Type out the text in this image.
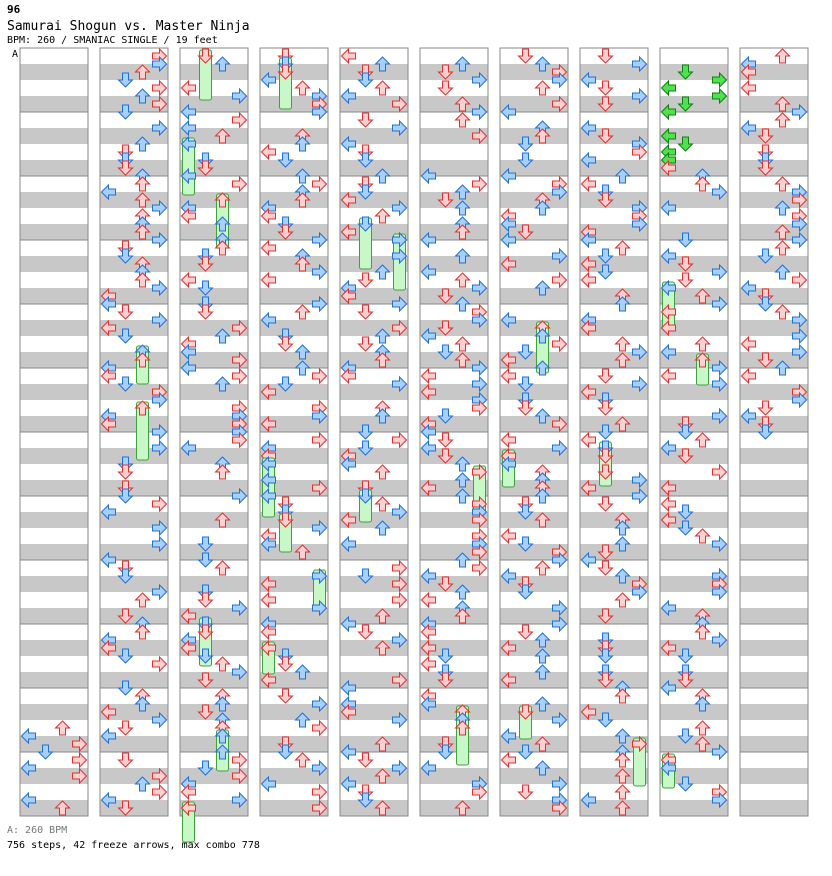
96
Samurai Shogun vs. Master Ninja
BPM: 260 / SMANIAC SINGLE / 19 feet
A
A: 260 BPM
756 steps, 42 freeze arrows, max combo 778
